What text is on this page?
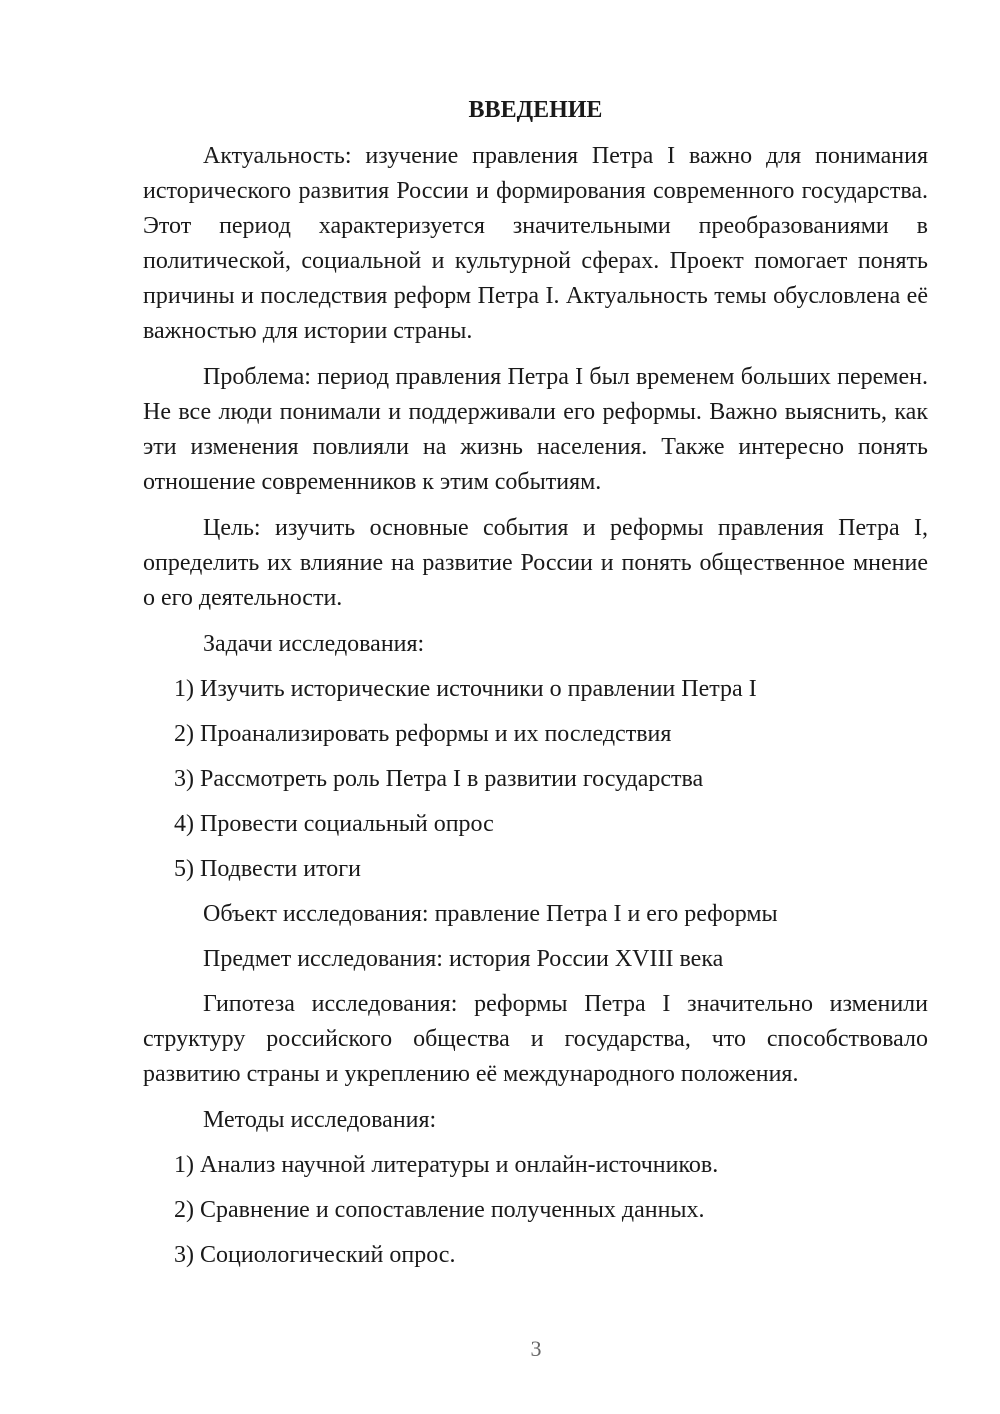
ВВЕДЕНИЕ
Актуальность: изучение правления Петра I важно для понимания исторического развития России и формирования современного государства. Этот период характеризуется значительными преобразованиями в политической, социальной и культурной сферах. Проект помогает понять причины и последствия реформ Петра I. Актуальность темы обусловлена её важностью для истории страны.
Проблема: период правления Петра I был временем больших перемен. Не все люди понимали и поддерживали его реформы. Важно выяснить, как эти изменения повлияли на жизнь населения. Также интересно понять отношение современников к этим событиям.
Цель: изучить основные события и реформы правления Петра I, определить их влияние на развитие России и понять общественное мнение о его деятельности.
Задачи исследования:
1) Изучить исторические источники о правлении Петра I
2) Проанализировать реформы и их последствия
3) Рассмотреть роль Петра I в развитии государства
4) Провести социальный опрос
5) Подвести итоги
Объект исследования: правление Петра I и его реформы
Предмет исследования: история России XVIII века
Гипотеза исследования: реформы Петра I значительно изменили структуру российского общества и государства, что способствовало развитию страны и укреплению её международного положения.
Методы исследования:
1) Анализ научной литературы и онлайн-источников.
2) Сравнение и сопоставление полученных данных.
3) Социологический опрос.
3
